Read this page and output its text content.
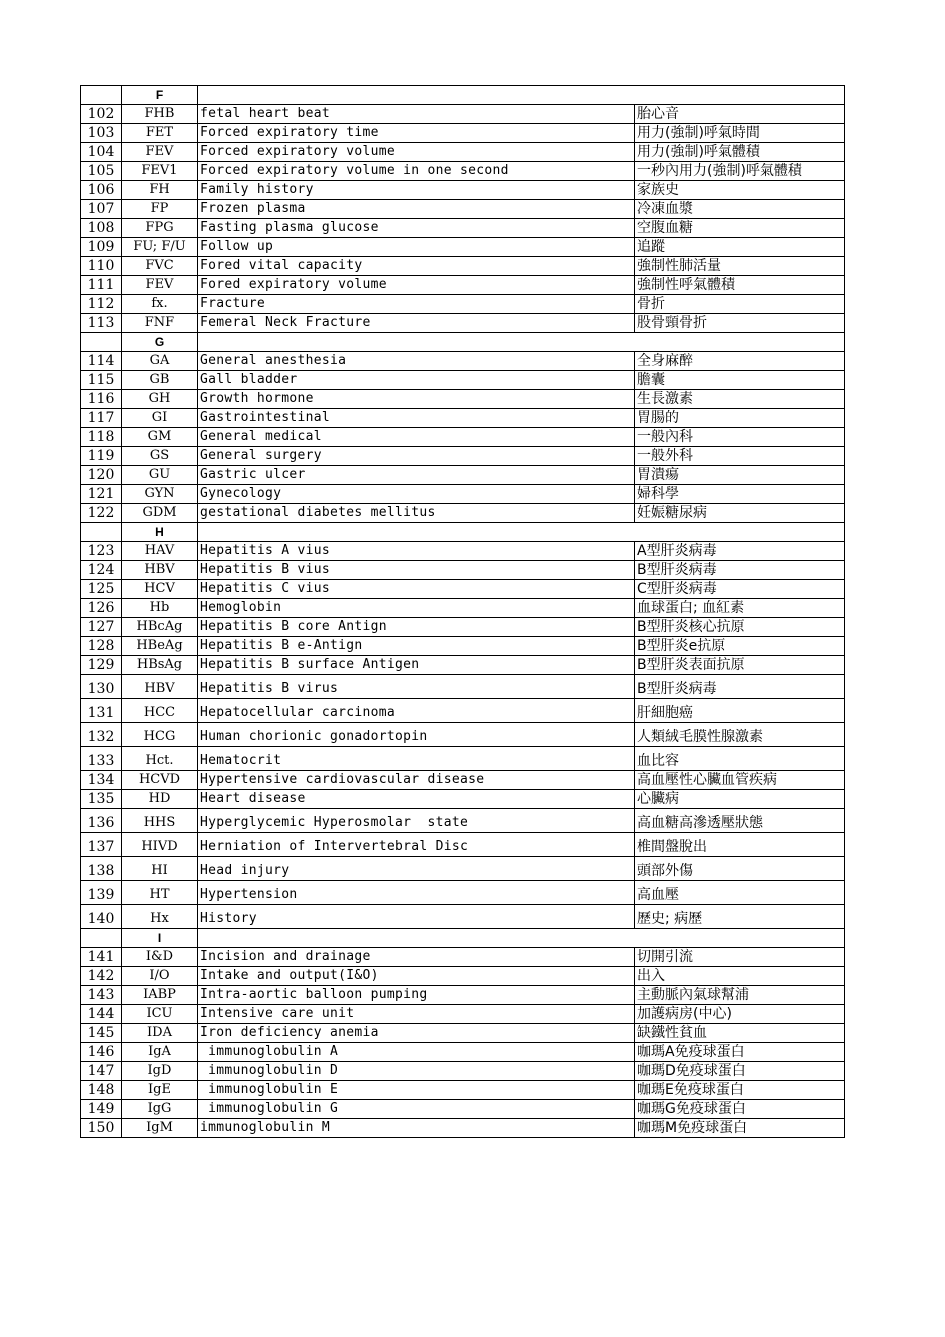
	F		
102	FHB	fetal heart beat	胎心音
103	FET	Forced expiratory time	用力(強制)呼氣時間
104	FEV	Forced expiratory volume	用力(強制)呼氣體積
105	FEV1	Forced expiratory volume in one second	一秒內用力(強制)呼氣體積
106	FH	Family history	家族史
107	FP	Frozen plasma	冷凍血漿
108	FPG	Fasting plasma glucose	空腹血糖
109	FU; F/U	Follow up	追蹤
110	FVC	Fored vital capacity	強制性肺活量
111	FEV	Fored expiratory volume	強制性呼氣體積
112	fx.	Fracture	骨折
113	FNF	Femeral Neck Fracture	股骨頸骨折
	G		
114	GA	General anesthesia	全身麻醉
115	GB	Gall bladder	膽囊
116	GH	Growth hormone	生長激素
117	GI	Gastrointestinal	胃腸的
118	GM	General medical	一般內科
119	GS	General surgery	一般外科
120	GU	Gastric ulcer	胃潰瘍
121	GYN	Gynecology	婦科學
122	GDM	gestational diabetes mellitus	妊娠糖尿病
	H		
123	HAV	Hepatitis A vius	A型肝炎病毒
124	HBV	Hepatitis B vius	B型肝炎病毒
125	HCV	Hepatitis C vius	C型肝炎病毒
126	Hb	Hemoglobin	血球蛋白; 血紅素
127	HBcAg	Hepatitis B core Antign	B型肝炎核心抗原
128	HBeAg	Hepatitis B e-Antign	B型肝炎e抗原
129	HBsAg	Hepatitis B surface Antigen	B型肝炎表面抗原
130	HBV	Hepatitis B virus	B型肝炎病毒
131	HCC	Hepatocellular carcinoma	肝細胞癌
132	HCG	Human chorionic gonadortopin	人類絨毛膜性腺激素
133	Hct.	Hematocrit	血比容
134	HCVD	Hypertensive cardiovascular disease	高血壓性心臟血管疾病
135	HD	Heart disease	心臟病
136	HHS	Hyperglycemic Hyperosmolar  state	高血糖高滲透壓狀態
137	HIVD	Herniation of Intervertebral Disc	椎間盤脫出
138	HI	Head injury	頭部外傷
139	HT	Hypertension	高血壓
140	Hx	History	歷史; 病歷
	I		
141	I&D	Incision and drainage	切開引流
142	I/O	Intake and output(I&O)	出入
143	IABP	Intra-aortic balloon pumping	主動脈內氣球幫浦
144	ICU	Intensive care unit	加護病房(中心)
145	IDA	Iron deficiency anemia	缺鐵性貧血
146	IgA	immunoglobulin A	咖瑪A免疫球蛋白
147	IgD	immunoglobulin D	咖瑪D免疫球蛋白
148	IgE	immunoglobulin E	咖瑪E免疫球蛋白
149	IgG	immunoglobulin G	咖瑪G免疫球蛋白
150	IgM	immunoglobulin M	咖瑪M免疫球蛋白
